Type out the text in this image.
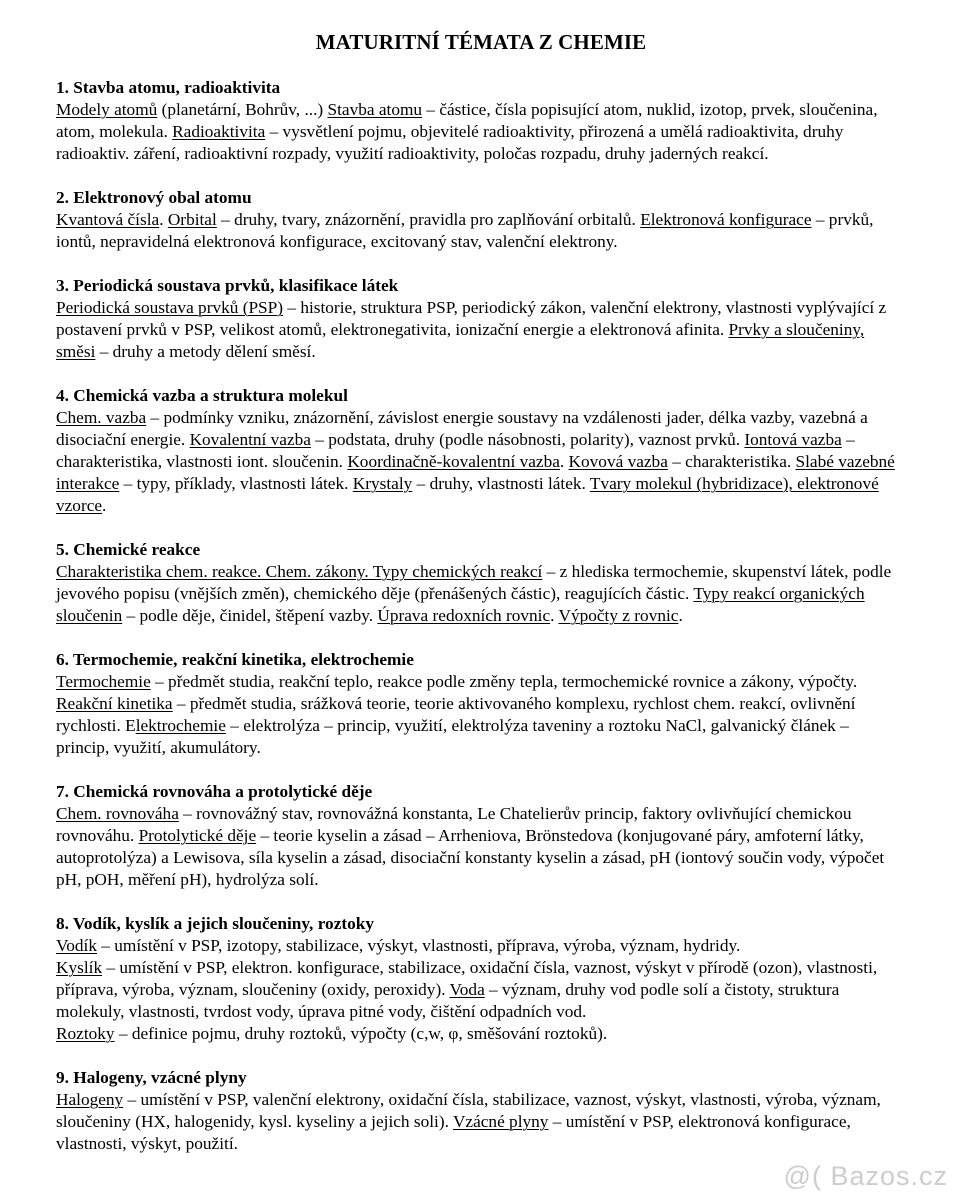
MATURITNÍ TÉMATA Z CHEMIE
1. Stavba atomu, radioaktivita
Modely atomů (planetární, Bohrův, ...) Stavba atomu – částice, čísla popisující atom, nuklid, izotop, prvek, sloučenina, atom, molekula. Radioaktivita – vysvětlení pojmu, objevitelé radioaktivity, přirozená a umělá radioaktivita, druhy radioaktiv. záření, radioaktivní rozpady, využití radioaktivity, poločas rozpadu, druhy jaderných reakcí.
2. Elektronový obal atomu
Kvantová čísla. Orbital – druhy, tvary, znázornění, pravidla pro zaplňování orbitalů. Elektronová konfigurace – prvků, iontů, nepravidelná elektronová konfigurace, excitovaný stav, valenční elektrony.
3. Periodická soustava prvků, klasifikace látek
Periodická soustava prvků (PSP) – historie, struktura PSP, periodický zákon, valenční elektrony, vlastnosti vyplývající z postavení prvků v PSP, velikost atomů, elektronegativita, ionizační energie a elektronová afinita. Prvky a sloučeniny, směsi – druhy a metody dělení směsí.
4. Chemická vazba a struktura molekul
Chem. vazba – podmínky vzniku, znázornění, závislost energie soustavy na vzdálenosti jader, délka vazby, vazebná a disociační energie. Kovalentní vazba – podstata, druhy (podle násobnosti, polarity), vaznost prvků. Iontová vazba – charakteristika, vlastnosti iont. sloučenin. Koordinačně-kovalentní vazba. Kovová vazba – charakteristika. Slabé vazebné interakce – typy, příklady, vlastnosti látek. Krystaly – druhy, vlastnosti látek. Tvary molekul (hybridizace), elektronové vzorce.
5. Chemické reakce
Charakteristika chem. reakce. Chem. zákony. Typy chemických reakcí – z hlediska termochemie, skupenství látek, podle jevového popisu (vnějších změn), chemického děje (přenášených částic), reagujících částic. Typy reakcí organických sloučenin – podle děje, činidel, štěpení vazby. Úprava redoxních rovnic. Výpočty z rovnic.
6. Termochemie, reakční kinetika, elektrochemie
Termochemie – předmět studia, reakční teplo, reakce podle změny tepla, termochemické rovnice a zákony, výpočty. Reakční kinetika – předmět studia, srážková teorie, teorie aktivovaného komplexu, rychlost chem. reakcí, ovlivnění rychlosti. Elektrochemie – elektrolýza – princip, využití, elektrolýza taveniny a roztoku NaCl, galvanický článek – princip, využití, akumulátory.
7. Chemická rovnováha a protolytické děje
Chem. rovnováha – rovnovážný stav, rovnovážná konstanta, Le Chatelierův princip, faktory ovlivňující chemickou rovnováhu. Protolytické děje – teorie kyselin a zásad – Arrheniova, Brönstedova (konjugované páry, amfoterní látky, autoprotolýza) a Lewisova, síla kyselin a zásad, disociační konstanty kyselin a zásad, pH (iontový součin vody, výpočet pH, pOH, měření pH), hydrolýza solí.
8. Vodík, kyslík a jejich sloučeniny, roztoky
Vodík – umístění v PSP, izotopy, stabilizace, výskyt, vlastnosti, příprava, výroba, význam, hydridy.
Kyslík – umístění v PSP, elektron. konfigurace, stabilizace, oxidační čísla, vaznost, výskyt v přírodě (ozon), vlastnosti, příprava, výroba, význam, sloučeniny (oxidy, peroxidy). Voda – význam, druhy vod podle solí a čistoty, struktura molekuly, vlastnosti, tvrdost vody, úprava pitné vody, čištění odpadních vod.
Roztoky – definice pojmu, druhy roztoků, výpočty (c,w, φ, směšování roztoků).
9. Halogeny, vzácné plyny
Halogeny – umístění v PSP, valenční elektrony, oxidační čísla, stabilizace, vaznost, výskyt, vlastnosti, výroba, význam, sloučeniny (HX, halogenidy, kysl. kyseliny a jejich soli). Vzácné plyny – umístění v PSP, elektronová konfigurace, vlastnosti, výskyt, použití.
@( Bazos.cz
